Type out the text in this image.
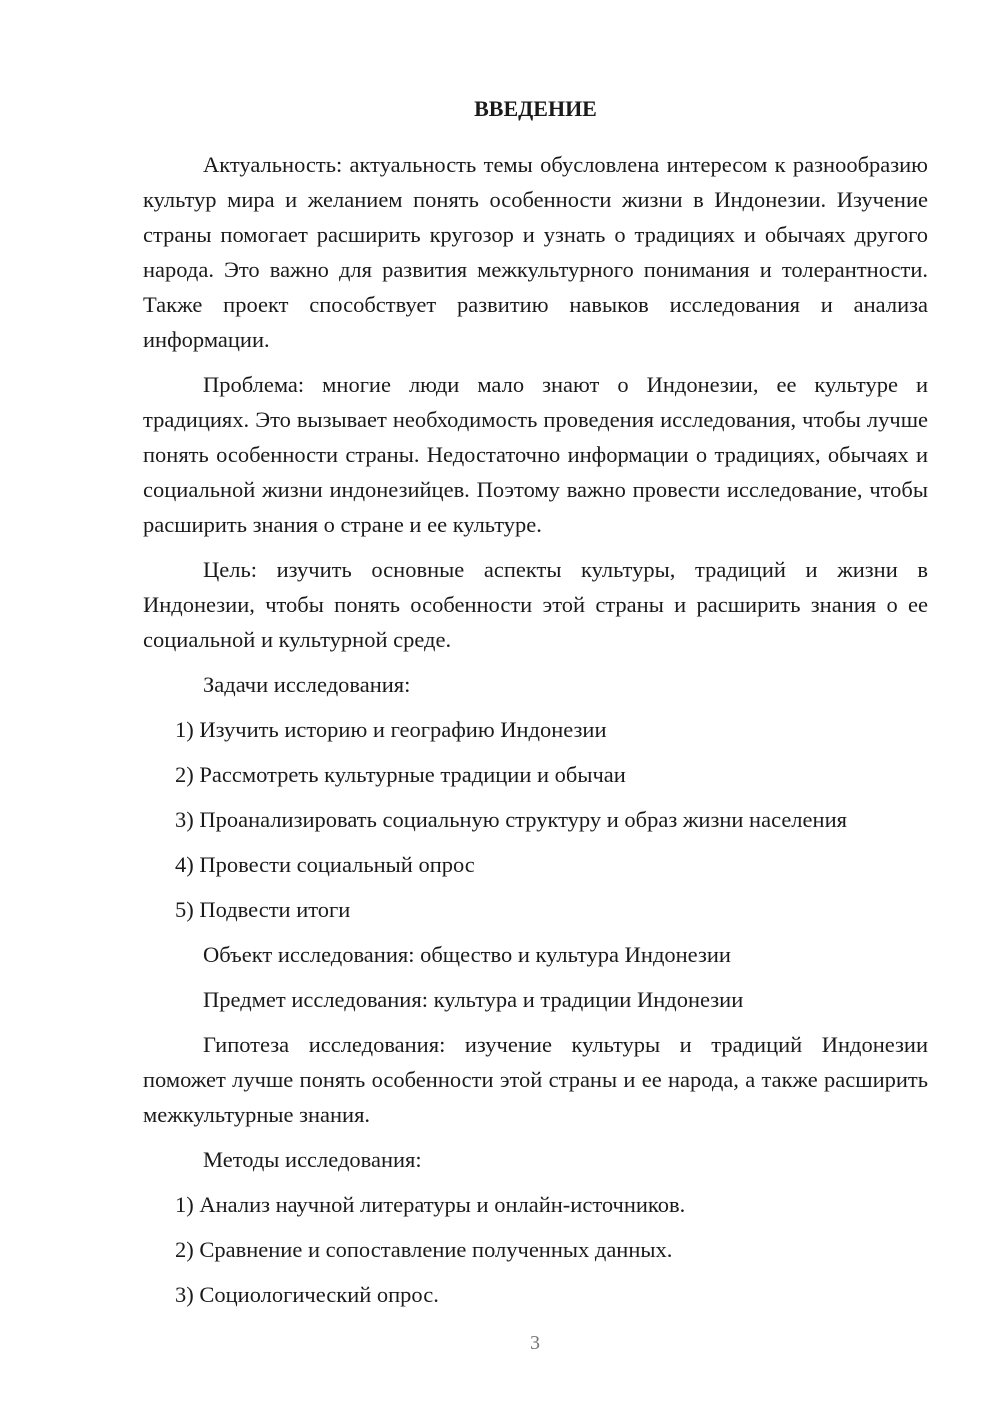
ВВЕДЕНИЕ

Актуальность: актуальность темы обусловлена интересом к разнообразию культур мира и желанием понять особенности жизни в Индонезии. Изучение страны помогает расширить кругозор и узнать о традициях и обычаях другого народа. Это важно для развития межкультурного понимания и толерантности. Также проект способствует развитию навыков исследования и анализа информации.

Проблема: многие люди мало знают о Индонезии, ее культуре и традициях. Это вызывает необходимость проведения исследования, чтобы лучше понять особенности страны. Недостаточно информации о традициях, обычаях и социальной жизни индонезийцев. Поэтому важно провести исследование, чтобы расширить знания о стране и ее культуре.

Цель: изучить основные аспекты культуры, традиций и жизни в Индонезии, чтобы понять особенности этой страны и расширить знания о ее социальной и культурной среде.

Задачи исследования:

1) Изучить историю и географию Индонезии
2) Рассмотреть культурные традиции и обычаи
3) Проанализировать социальную структуру и образ жизни населения
4) Провести социальный опрос
5) Подвести итоги

Объект исследования: общество и культура Индонезии

Предмет исследования: культура и традиции Индонезии

Гипотеза исследования: изучение культуры и традиций Индонезии поможет лучше понять особенности этой страны и ее народа, а также расширить межкультурные знания.

Методы исследования:

1) Анализ научной литературы и онлайн-источников.
2) Сравнение и сопоставление полученных данных.
3) Социологический опрос.
3
